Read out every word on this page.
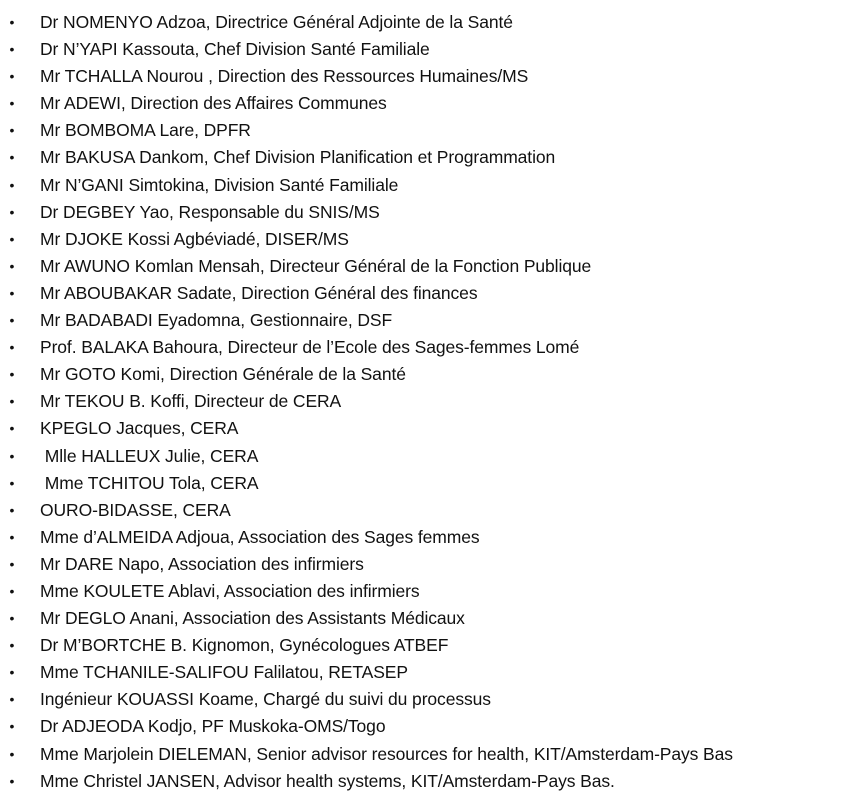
• Dr NOMENYO Adzoa, Directrice Général Adjointe de la Santé
• Dr N’YAPI Kassouta, Chef Division Santé Familiale
• Mr TCHALLA Nourou , Direction des Ressources Humaines/MS
• Mr ADEWI, Direction des Affaires Communes
• Mr BOMBOMA Lare, DPFR
• Mr BAKUSA Dankom, Chef Division Planification et Programmation
• Mr N’GANI Simtokina, Division Santé Familiale
• Dr DEGBEY Yao, Responsable du SNIS/MS
• Mr DJOKE Kossi Agbéviadé, DISER/MS
• Mr AWUNO Komlan Mensah, Directeur Général de la Fonction Publique
• Mr ABOUBAKAR Sadate, Direction Général des finances
• Mr BADABADI Eyadomna, Gestionnaire, DSF
• Prof. BALAKA Bahoura, Directeur de l’Ecole des Sages-femmes Lomé
• Mr GOTO Komi, Direction Générale de la Santé
• Mr TEKOU B. Koffi, Directeur de CERA
• KPEGLO Jacques, CERA
• Mlle HALLEUX Julie, CERA
• Mme TCHITOU Tola, CERA
• OURO-BIDASSE, CERA
• Mme d’ALMEIDA Adjoua, Association des Sages femmes
• Mr DARE Napo, Association des infirmiers
• Mme KOULETE Ablavi, Association des infirmiers
• Mr DEGLO Anani, Association des Assistants Médicaux
• Dr M’BORTCHE B. Kignomon, Gynécologues ATBEF
• Mme TCHANILE-SALIFOU Falilatou, RETASEP
• Ingénieur KOUASSI Koame, Chargé du suivi du processus
• Dr ADJEODA Kodjo, PF Muskoka-OMS/Togo
• Mme Marjolein DIELEMAN, Senior advisor resources for health, KIT/Amsterdam-Pays Bas
• Mme Christel JANSEN, Advisor health systems, KIT/Amsterdam-Pays Bas.
